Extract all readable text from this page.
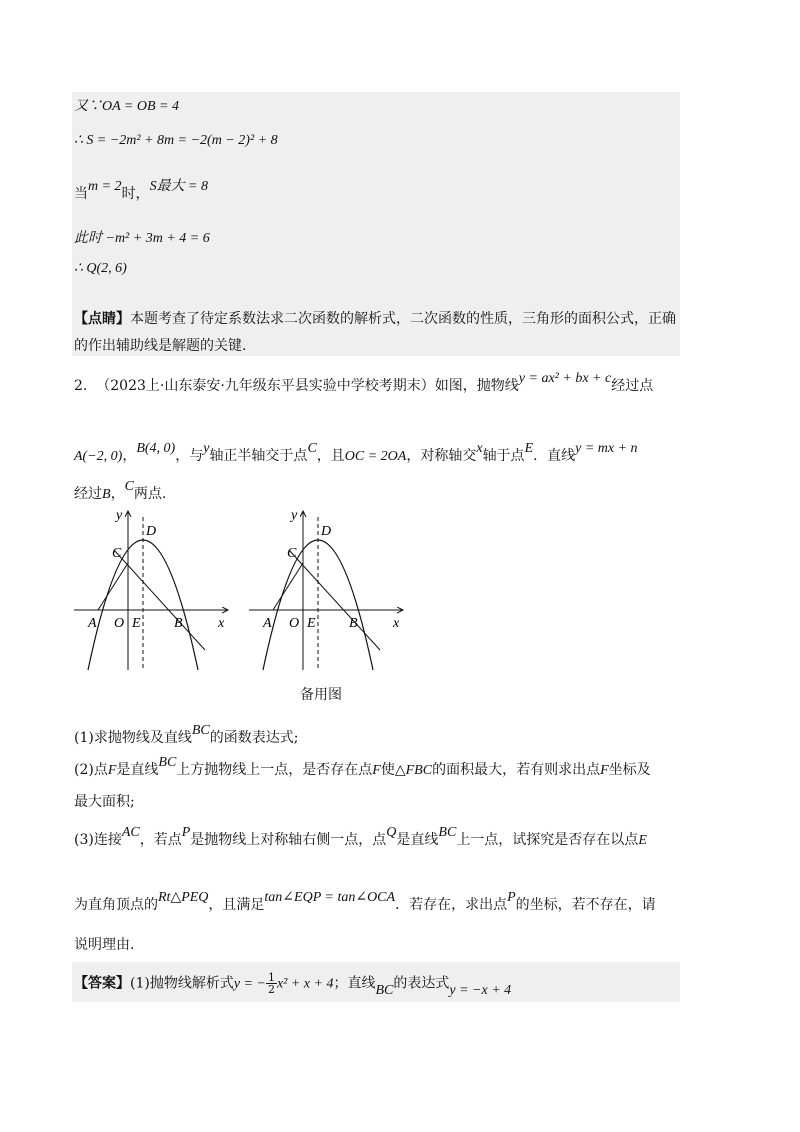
又∵OA = OB = 4
∴ S = −2m² + 8m = −2(m − 2)² + 8
当m = 2时，S最大 = 8
此时 −m² + 3m + 4 = 6
∴ Q(2, 6)
【点睛】本题考查了待定系数法求二次函数的解析式，二次函数的性质，三角形的面积公式，正确
的作出辅助线是解题的关键.
2. （2023上·山东泰安·九年级东平县实验中学校考期末）如图，抛物线y = ax² + bx + c经过点
A(−2, 0)，B(4, 0)，与y轴正半轴交于点C，且OC = 2OA，对称轴交x轴于点E．直线y = mx + n
经过B，C两点.
y
D
C
A O E B	x
y
D
C
A O E B	x
备用图
(1)求抛物线及直线BC的函数表达式;
(2)点F是直线BC上方抛物线上一点，是否存在点F使△FBC的面积最大，若有则求出点F坐标及
最大面积;
(3)连接AC，若点P是抛物线上对称轴右侧一点，点Q是直线BC上一点，试探究是否存在以点E
为直角顶点的Rt△PEQ，且满足tan∠EQP = tan∠OCA．若存在，求出点P的坐标，若不存在，请
说明理由.
【答案】(1)抛物线解析式y = − $\frac{1}{2} x^2 + x + 4$；直线BC的表达式y = −x + 4
